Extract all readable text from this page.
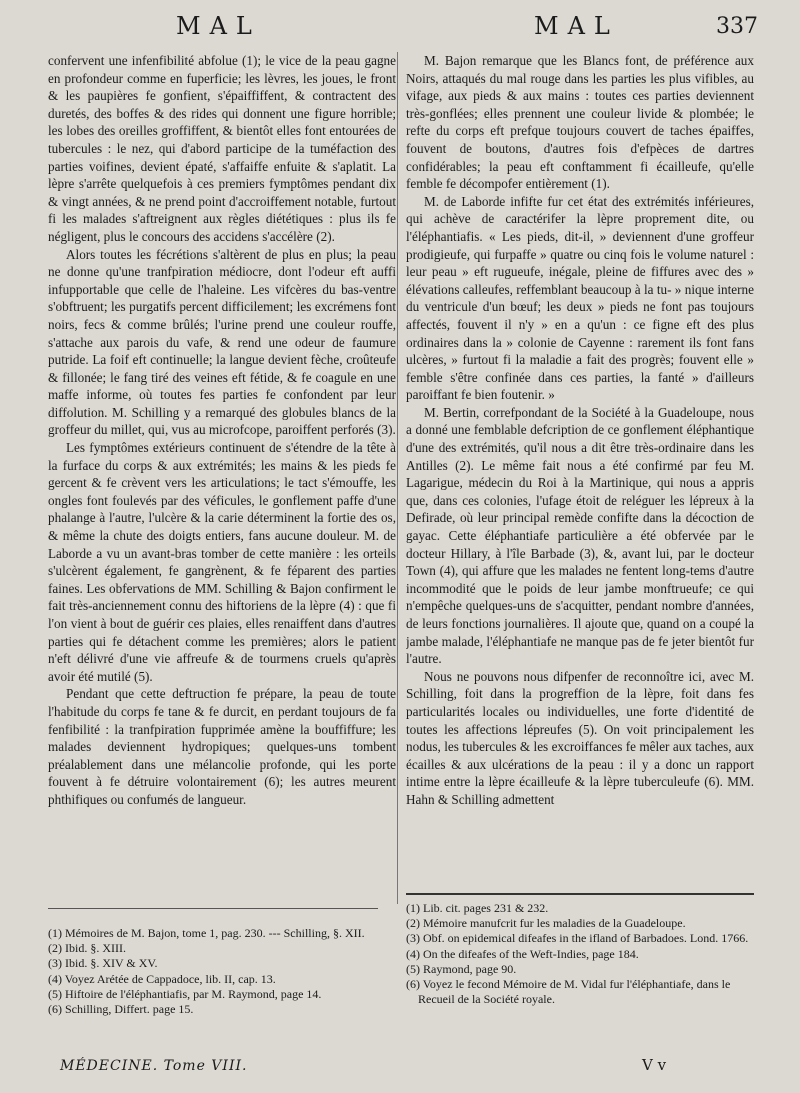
MAL	MAL	337

confervent une infenfibilité abfolue (1); le vice de la peau gagne en profondeur comme en fuperficie; les lèvres, les joues, le front & les paupières fe gonfient, s'épaiffiffent, & contractent des duretés, des boffes & des rides qui donnent une figure horrible; les lobes des oreilles groffiffent, & bientôt elles font entourées de tubercules : le nez, qui d'abord participe de la tuméfaction des parties voifines, devient épaté, s'affaiffe enfuite & s'aplatit. La lèpre s'arrête quelquefois à ces premiers fymptômes pendant dix & vingt années, & ne prend point d'accroiffement notable, furtout fi les malades s'aftreignent aux règles diététiques : plus ils fe négligent, plus le concours des accidens s'accélère (2).

Alors toutes les fécrétions s'altèrent de plus en plus; la peau ne donne qu'une tranfpiration médiocre, dont l'odeur eft auffi infupportable que celle de l'haleine. Les vifcères du bas-ventre s'obftruent; les purgatifs percent difficilement; les excrémens font noirs, fecs & comme brûlés; l'urine prend une couleur rouffe, s'attache aux parois du vafe, & rend une odeur de faumure putride. La foif eft continuelle; la langue devient fèche, croûteufe & fillonée; le fang tiré des veines eft fétide, & fe coagule en une maffe informe, où toutes fes parties fe confondent par leur diffolution. M. Schilling y a remarqué des globules blancs de la groffeur du millet, qui, vus au microfcope, paroiffent perforés (3).

Les fymptômes extérieurs continuent de s'étendre de la tête à la furface du corps & aux extrémités; les mains & les pieds fe gercent & fe crèvent vers les articulations; le tact s'émouffe, les ongles font foulevés par des véficules, le gonflement paffe d'une phalange à l'autre, l'ulcère & la carie déterminent la fortie des os, & même la chute des doigts entiers, fans aucune douleur. M. de Laborde a vu un avant-bras tomber de cette manière : les orteils s'ulcèrent également, fe gangrènent, & fe féparent des parties faines. Les obfervations de MM. Schilling & Bajon confirment le fait très-anciennement connu des hiftoriens de la lèpre (4) : que fi l'on vient à bout de guérir ces plaies, elles renaiffent dans d'autres parties qui fe détachent comme les premières; alors le patient n'eft délivré d'une vie affreufe & de tourmens cruels qu'après avoir été mutilé (5).

Pendant que cette deftruction fe prépare, la peau de toute l'habitude du corps fe tane & fe durcit, en perdant toujours de fa fenfibilité : la tranfpiration fupprimée amène la bouffiffure; les malades deviennent hydropiques; quelques-uns tombent préalablement dans une mélancolie profonde, qui les porte fouvent à fe détruire volontairement (6); les autres meurent phthifiques ou confumés de langueur.

M. Bajon remarque que les Blancs font, de préférence aux Noirs, attaqués du mal rouge dans les parties les plus vifibles, au vifage, aux pieds & aux mains : toutes ces parties deviennent très-gonflées; elles prennent une couleur livide & plombée; le refte du corps eft prefque toujours couvert de taches épaiffes, fouvent de boutons, d'autres fois d'efpèces de dartres confidérables; la peau eft conftamment fi écailleufe, qu'elle femble fe décompofer entièrement (1).

M. de Laborde infifte fur cet état des extrémités inférieures, qui achève de caractérifer la lèpre proprement dite, ou l'éléphantiafis. « Les pieds, dit-il, » deviennent d'une groffeur prodigieufe, qui furpaffe » quatre ou cinq fois le volume naturel : leur peau » eft rugueufe, inégale, pleine de fiffures avec des » élévations calleufes, reffemblant beaucoup à la tu- » nique interne du ventricule d'un bœuf; les deux » pieds ne font pas toujours affectés, fouvent il n'y » en a qu'un : ce figne eft des plus ordinaires dans la » colonie de Cayenne : rarement ils font fans ulcères, » furtout fi la maladie a fait des progrès; fouvent elle » femble s'être confinée dans ces parties, la fanté » d'ailleurs paroiffant fe bien foutenir. »

M. Bertin, correfpondant de la Société à la Guadeloupe, nous a donné une femblable defcription de ce gonflement éléphantique d'une des extrémités, qu'il nous a dit être très-ordinaire dans les Antilles (2). Le même fait nous a été confirmé par feu M. Lagarigue, médecin du Roi à la Martinique, qui nous a appris que, dans ces colonies, l'ufage étoit de reléguer les lépreux à la Defirade, où leur principal remède confifte dans la décoction de gayac. Cette éléphantiafe particulière a été obfervée par le docteur Hillary, à l'île Barbade (3), &, avant lui, par le docteur Town (4), qui affure que les malades ne fentent long-tems d'autre incommodité que le poids de leur jambe monftrueufe; ce qui n'empêche quelques-uns de s'acquitter, pendant nombre d'années, de leurs fonctions journalières. Il ajoute que, quand on a coupé la jambe malade, l'éléphantiafe ne manque pas de fe jeter bientôt fur l'autre.

Nous ne pouvons nous difpenfer de reconnoître ici, avec M. Schilling, foit dans la progreffion de la lèpre, foit dans fes particularités locales ou individuelles, une forte d'identité de toutes les affections lépreufes (5). On voit principalement les nodus, les tubercules & les excroiffances fe mêler aux taches, aux écailles & aux ulcérations de la peau : il y a donc un rapport intime entre la lèpre écailleufe & la lèpre tuberculeufe (6). MM. Hahn & Schilling admettent

(1) Mémoires de M. Bajon, tome 1, pag. 230. --- Schilling, §. XII.
(2) Ibid. §. XIII.
(3) Ibid. §. XIV & XV.
(4) Voyez Arétée de Cappadoce, lib. II, cap. 13.
(5) Hiftoire de l'éléphantiafis, par M. Raymond, page 14.
(6) Schilling, Differt. page 15.
(1) Lib. cit. pages 231 & 232.
(2) Mémoire manufcrit fur les maladies de la Guadeloupe.
(3) Obf. on epidemical difeafes in the ifland of Barbadoes. Lond. 1766.
(4) On the difeafes of the Weft-Indies, page 184.
(5) Raymond, page 90.
(6) Voyez le fecond Mémoire de M. Vidal fur l'éléphantiafe, dans le Recueil de la Société royale.
MÉDECINE. Tome VIII.	V v
